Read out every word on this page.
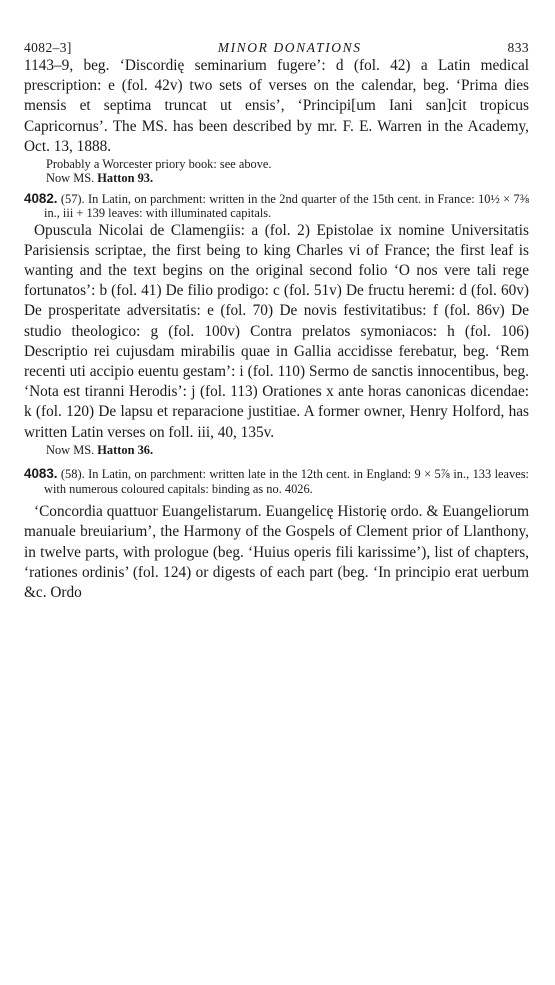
4082–3]	MINOR DONATIONS	833

1143–9, beg. ‘Discordię seminarium fugere’: d (fol. 42) a Latin medical prescription: e (fol. 42v) two sets of verses on the calendar, beg. ‘Prima dies mensis et septima truncat ut ensis’, ‘Principi[um Iani san]cit tropicus Capricornus’. The MS. has been described by mr. F. E. Warren in the Academy, Oct. 13, 1888.

Probably a Worcester priory book: see above.
Now MS. Hatton 93.
4082. (57). In Latin, on parchment: written in the 2nd quarter of the 15th cent. in France: 10½ × 7⅜ in., iii + 139 leaves: with illuminated capitals.

Opuscula Nicolai de Clamengiis: a (fol. 2) Epistolae ix nomine Universitatis Parisiensis scriptae, the first being to king Charles vi of France; the first leaf is wanting and the text begins on the original second folio ‘O nos vere tali rege fortunatos’: b (fol. 41) De filio prodigo: c (fol. 51v) De fructu heremi: d (fol. 60v) De prosperitate adversitatis: e (fol. 70) De novis festivitatibus: f (fol. 86v) De studio theologico: g (fol. 100v) Contra prelatos symoniacos: h (fol. 106) Descriptio rei cujusdam mirabilis quae in Gallia accidisse ferebatur, beg. ‘Rem recenti uti accipio euentu gestam’: i (fol. 110) Sermo de sanctis innocentibus, beg. ‘Nota est tiranni Herodis’: j (fol. 113) Orationes x ante horas canonicas dicendae: k (fol. 120) De lapsu et reparacione justitiae. A former owner, Henry Holford, has written Latin verses on foll. iii, 40, 135v.

Now MS. Hatton 36.
4083. (58). In Latin, on parchment: written late in the 12th cent. in England: 9 × 5⅞ in., 133 leaves: with numerous coloured capitals: binding as no. 4026.

‘Concordia quattuor Euangelistarum. Euangelicę Historię ordo. & Euangeliorum manuale breuiarium’, the Harmony of the Gospels of Clement prior of Llanthony, in twelve parts, with prologue (beg. ‘Huius operis fili karissime’), list of chapters, ‘rationes ordinis’ (fol. 124) or digests of each part (beg. ‘In principio erat uerbum &c. Ordo
